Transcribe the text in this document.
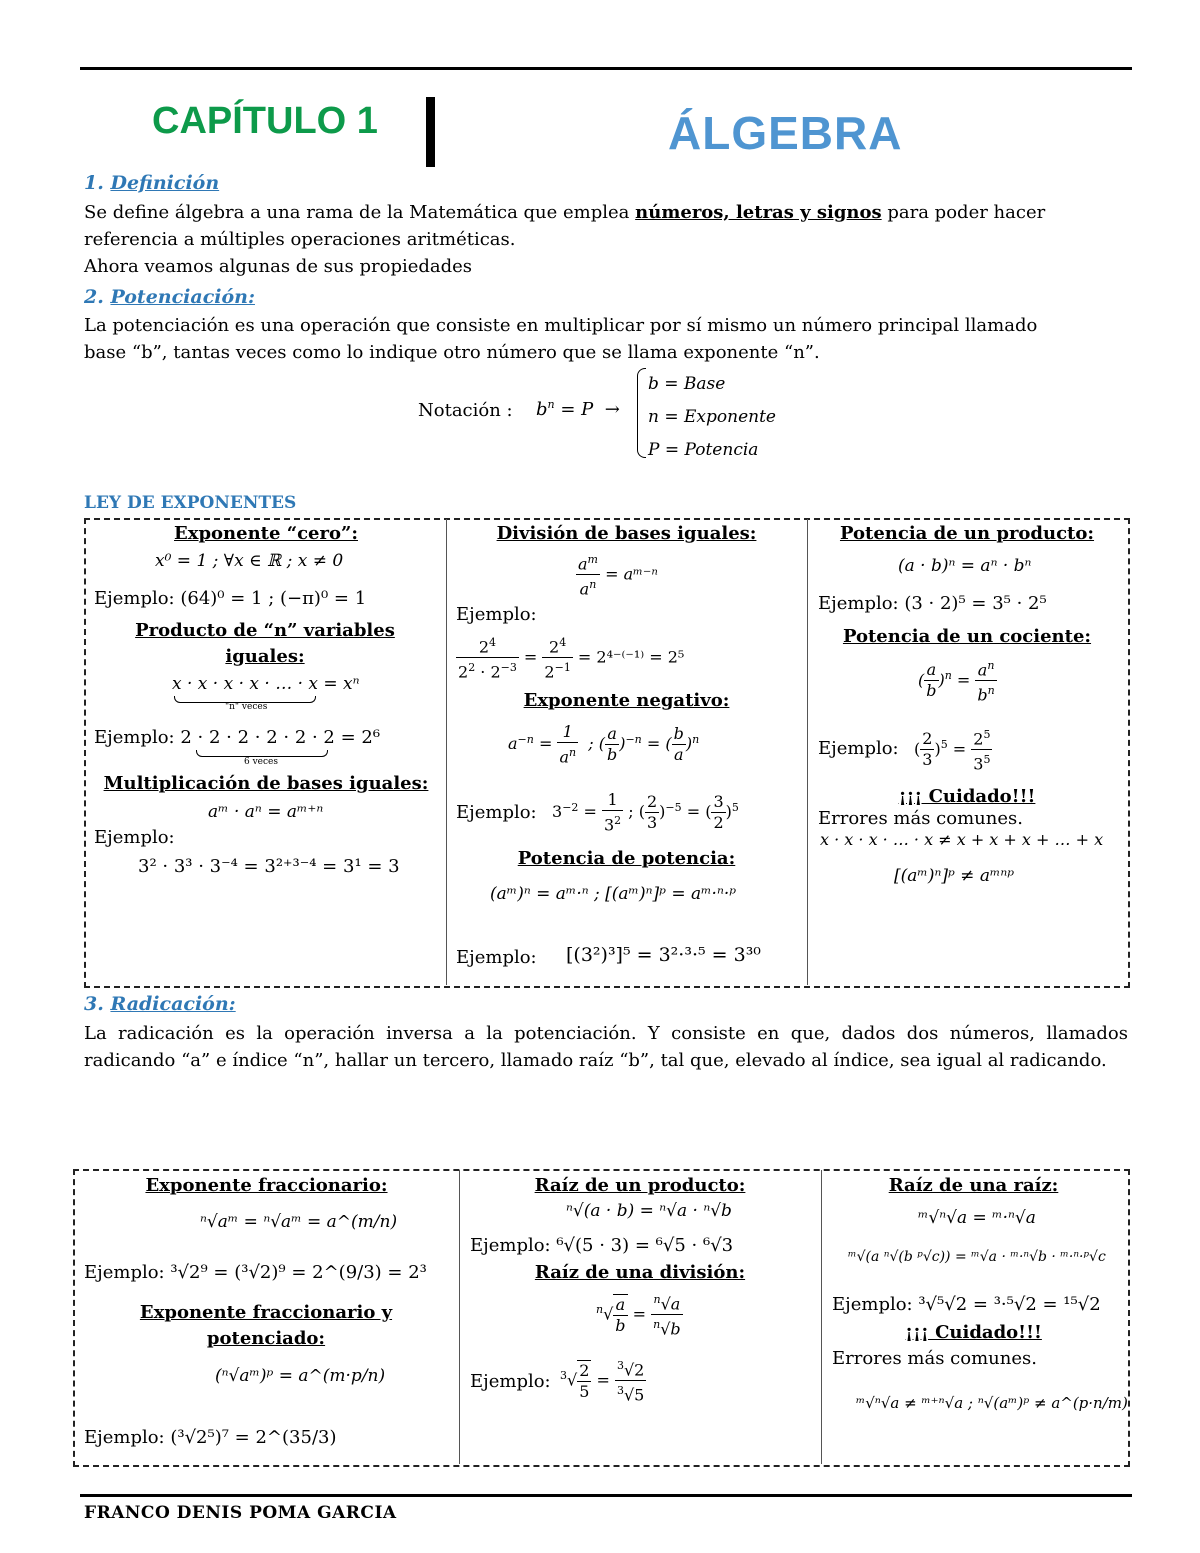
CAPÍTULO 1	ÁLGEBRA
1. Definición
Se define álgebra a una rama de la Matemática que emplea números, letras y signos para poder hacer referencia a múltiples operaciones aritméticas.
Ahora veamos algunas de sus propiedades
2. Potenciación:
La potenciación es una operación que consiste en multiplicar por sí mismo un número principal llamado
base “b”, tantas veces como lo indique otro número que se llama exponente “n”.
Notación : $b^n = P$  →
b = Base
n = Exponente
P = Potencia
LEY DE EXPONENTES
Exponente “cero”:
x⁰ = 1 ; ∀x ∈ ℝ ; x ≠ 0
Ejemplo: (64)⁰ = 1 ; (−π)⁰ = 1
Producto de “n” variables iguales:
x · x · x · x · … · x = xⁿ
"n" veces
Ejemplo: 2 · 2 · 2 · 2 · 2 · 2 = 2⁶
6 veces
Multiplicación de bases iguales:
aᵐ · aⁿ = aᵐ⁺ⁿ
Ejemplo:
3² · 3³ · 3⁻⁴ = 3²⁺³⁻⁴ = 3¹ = 3
División de bases iguales:
$\frac{a^m}{a^n}$ = aᵐ⁻ⁿ
Ejemplo:
$\frac{2^4}{2^2 \cdot 2^{-3}} = \frac{2^4}{2^{-1}} = 2^{4-(-1)} = 2^5$
Exponente negativo:
$a^{-n} = \frac{1}{a^n}$ ; ( $\frac{a}{b} )^{-n}$ = ( $\frac{b}{a} )^n$
Ejemplo: $3^{-2} = \frac{1}{3^2}$ ; ( $\frac{2}{3} )^{-5}$ = ( $\frac{3}{2} )^5$
Potencia de potencia:
(aᵐ)ⁿ = aᵐ·ⁿ ; [(aᵐ)ⁿ]ᵖ = aᵐ·ⁿ·ᵖ
Ejemplo: [(3²)³]⁵ = 3²·³·⁵ = 3³⁰
Potencia de un producto:
(a · b)ⁿ = aⁿ · bⁿ
Ejemplo: (3 · 2)⁵ = 3⁵ · 2⁵
Potencia de un cociente:
( $\frac{a}{b} )^n = \frac{a^n}{b^n}$
Ejemplo: ( $\frac{2}{3} )^5 = \frac{2^5}{3^5}$
¡¡¡ Cuidado!!!
Errores más comunes.
x · x · x · … · x ≠ x + x + x + … + x
[(aᵐ)ⁿ]ᵖ ≠ aᵐⁿᵖ
3. Radicación:
La radicación es la operación inversa a la potenciación. Y consiste en que, dados dos números, llamados radicando “a” e índice “n”, hallar un tercero, llamado raíz “b”, tal que, elevado al índice, sea igual al radicando.
Exponente fraccionario:
ⁿ√aᵐ = ⁿ√aᵐ = a^(m/n)
Ejemplo: ³√2⁹ = (³√2)⁹ = 2^(9/3) = 2³
Exponente fraccionario y potenciado:
(ⁿ√aᵐ)ᵖ = a^(m·p/n)
Ejemplo: (³√2⁵)⁷ = 2^(35/3)
Raíz de un producto:
ⁿ√(a · b) = ⁿ√a · ⁿ√b
Ejemplo: ⁶√(5 · 3) = ⁶√5 · ⁶√3
Raíz de una división:
$^n√ \frac{a}{b} = \frac{^n√a}{^n√b}$
Ejemplo: $^3√ \frac{2}{5} = \frac{^3√2}{^3√5}$
Raíz de una raíz:
ᵐ√ⁿ√a = ᵐ·ⁿ√a
ᵐ√(a ⁿ√(b ᵖ√c)) = ᵐ√a · ᵐ·ⁿ√b · ᵐ·ⁿ·ᵖ√c
Ejemplo: ³√⁵√2 = ³·⁵√2 = ¹⁵√2
¡¡¡ Cuidado!!!
Errores más comunes.
ᵐ√ⁿ√a ≠ ᵐ⁺ⁿ√a ; ⁿ√(aᵐ)ᵖ ≠ a^(p·n/m)
FRANCO DENIS POMA GARCIA
